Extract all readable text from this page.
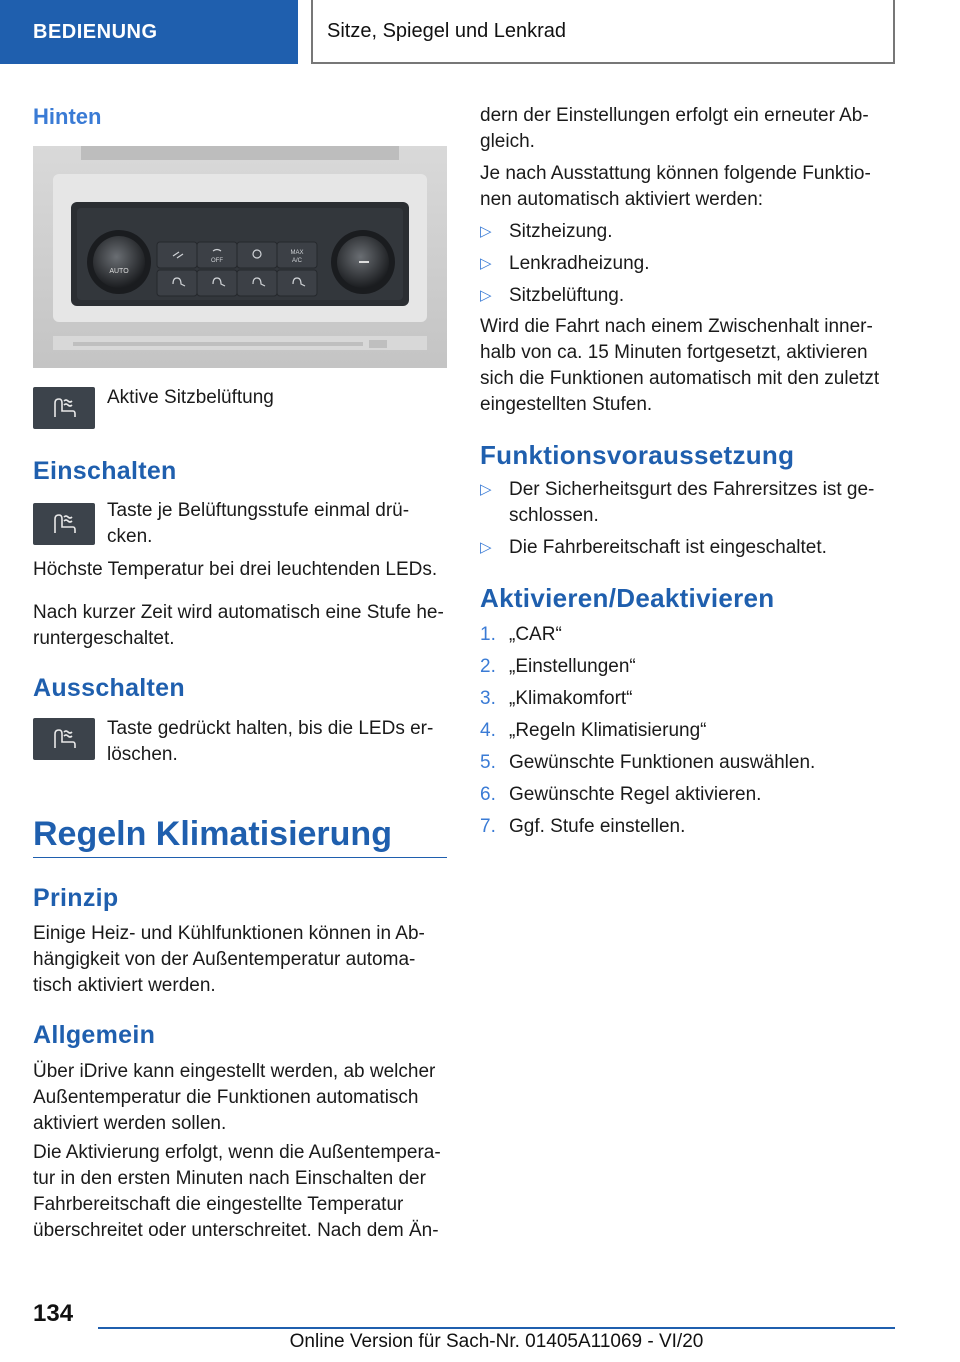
BEDIENUNG	Sitze, Spiegel und Lenkrad
Hinten
AUTO
OFF
MAX
A/C

Aktive Sitzbelüftung

Einschalten

Taste je Belüftungsstufe einmal drü-
cken.

Höchste Temperatur bei drei leuchtenden LEDs.

Nach kurzer Zeit wird automatisch eine Stufe he-
runtergeschaltet.

Ausschalten

Taste gedrückt halten, bis die LEDs er-
löschen.

Regeln Klimatisierung
Prinzip

Einige Heiz- und Kühlfunktionen können in Ab-
hängigkeit von der Außentemperatur automa-
tisch aktiviert werden.

Allgemein

Über iDrive kann eingestellt werden, ab welcher
Außentemperatur die Funktionen automatisch
aktiviert werden sollen.

Die Aktivierung erfolgt, wenn die Außentempera-
tur in den ersten Minuten nach Einschalten der
Fahrbereitschaft die eingestellte Temperatur
überschreitet oder unterschreitet. Nach dem Än-

dern der Einstellungen erfolgt ein erneuter Ab-
gleich.

Je nach Ausstattung können folgende Funktio-
nen automatisch aktiviert werden:

▷ Sitzheizung.
▷ Lenkradheizung.
▷ Sitzbelüftung.

Wird die Fahrt nach einem Zwischenhalt inner-
halb von ca. 15 Minuten fortgesetzt, aktivieren
sich die Funktionen automatisch mit den zuletzt
eingestellten Stufen.

Funktionsvoraussetzung
▷ Der Sicherheitsgurt des Fahrersitzes ist ge-
schlossen.
▷ Die Fahrbereitschaft ist eingeschaltet.
Aktivieren/Deaktivieren
1. „CAR“
2. „Einstellungen“
3. „Klimakomfort“
4. „Regeln Klimatisierung“
5. Gewünschte Funktionen auswählen.
6. Gewünschte Regel aktivieren.
7. Ggf. Stufe einstellen.
134
Online Version für Sach-Nr. 01405A11069 - VI/20
